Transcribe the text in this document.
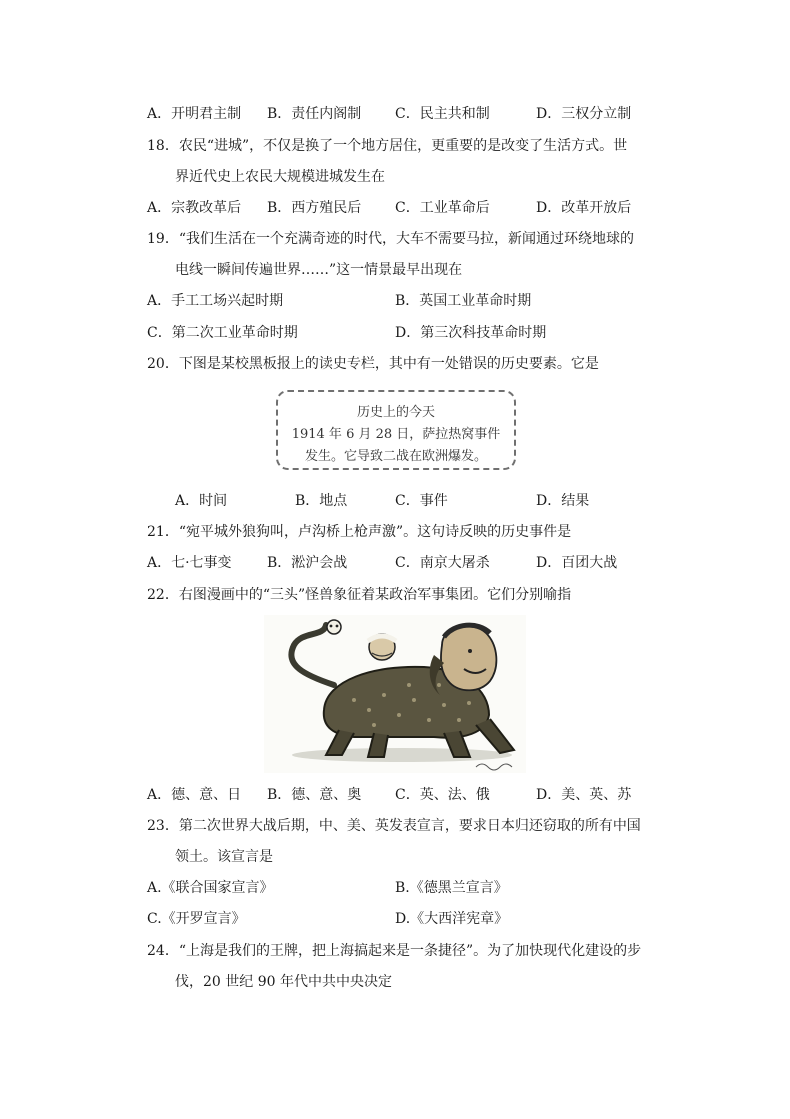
A．开明君主制 B．责任内阁制 C．民主共和制	D．三权分立制
18．农民“进城”，不仅是换了一个地方居住，更重要的是改变了生活方式。世
界近代史上农民大规模进城发生在
A．宗教改革后 B．西方殖民后 C．工业革命后	D．改革开放后
19．“我们生活在一个充满奇迹的时代，大车不需要马拉，新闻通过环绕地球的
电线一瞬间传遍世界……”这一情景最早出现在
A．手工工场兴起时期	B．英国工业革命时期
C．第二次工业革命时期	D．第三次科技革命时期
20．下图是某校黑板报上的读史专栏，其中有一处错误的历史要素。它是
历史上的今天
1914 年 6 月 28 日，萨拉热窝事件
发生。它导致二战在欧洲爆发。
A．时间	B．地点	C．事件	D．结果
21．“宛平城外狼狗叫，卢沟桥上枪声激”。这句诗反映的历史事件是
A．七·七事变	B．淞沪会战	C．南京大屠杀	D．百团大战
22．右图漫画中的“三头”怪兽象征着某政治军事集团。它们分别喻指
A．德、意、日 B．德、意、奥 C．英、法、俄	D．美、英、苏
23．第二次世界大战后期，中、美、英发表宣言，要求日本归还窃取的所有中国
领土。该宣言是
A.《联合国家宣言》	B.《德黑兰宣言》
C.《开罗宣言》	D.《大西洋宪章》
24．“上海是我们的王牌，把上海搞起来是一条捷径”。为了加快现代化建设的步
伐，20 世纪 90 年代中共中央决定
